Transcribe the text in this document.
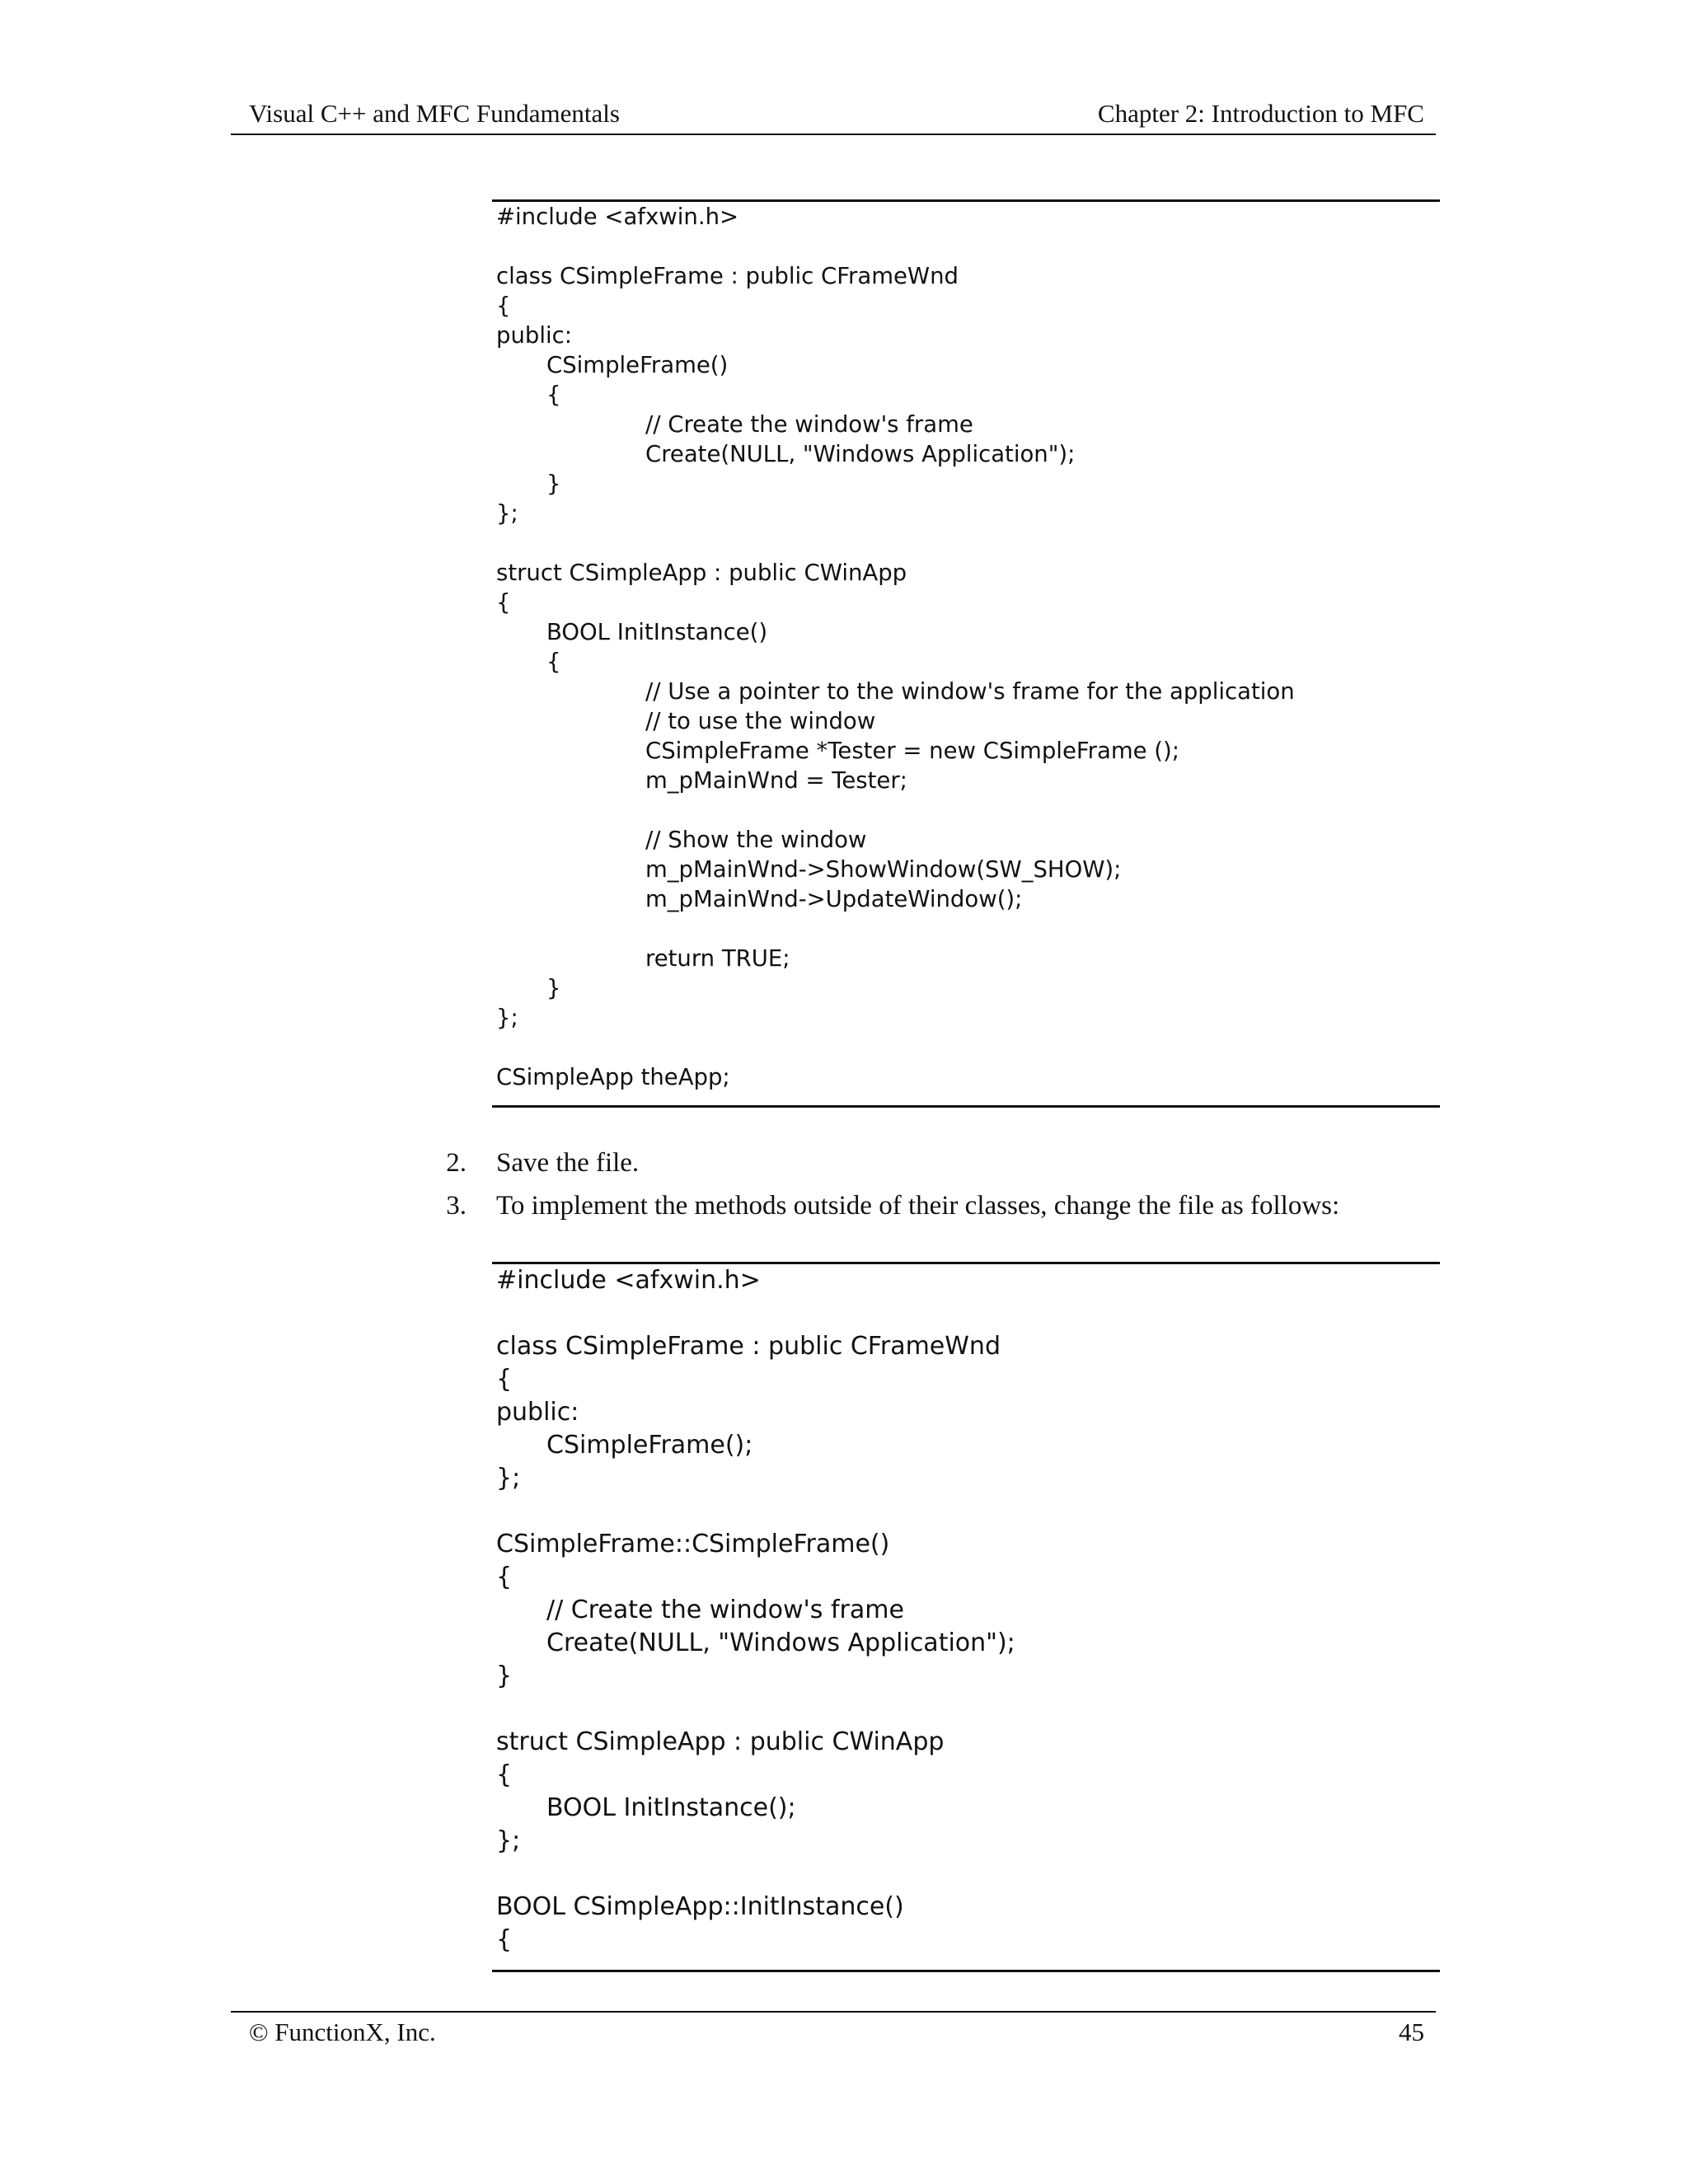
Visual C++ and MFC Fundamentals	Chapter 2: Introduction to MFC
#include <afxwin.h>
class CSimpleFrame : public CFrameWnd
{
public:
CSimpleFrame()
{
// Create the window's frame
Create(NULL, "Windows Application");
}
};
struct CSimpleApp : public CWinApp
{
BOOL InitInstance()
{
// Use a pointer to the window's frame for the application
// to use the window
CSimpleFrame *Tester = new CSimpleFrame ();
m_pMainWnd = Tester;
// Show the window
m_pMainWnd->ShowWindow(SW_SHOW);
m_pMainWnd->UpdateWindow();
return TRUE;
}
};
CSimpleApp theApp;
2. Save the file.
3. To implement the methods outside of their classes, change the file as follows:
#include <afxwin.h>
class CSimpleFrame : public CFrameWnd
{
public:
CSimpleFrame();
};
CSimpleFrame::CSimpleFrame()
{
// Create the window's frame
Create(NULL, "Windows Application");
}
struct CSimpleApp : public CWinApp
{
BOOL InitInstance();
};
BOOL CSimpleApp::InitInstance()
{
© FunctionX, Inc.	45
